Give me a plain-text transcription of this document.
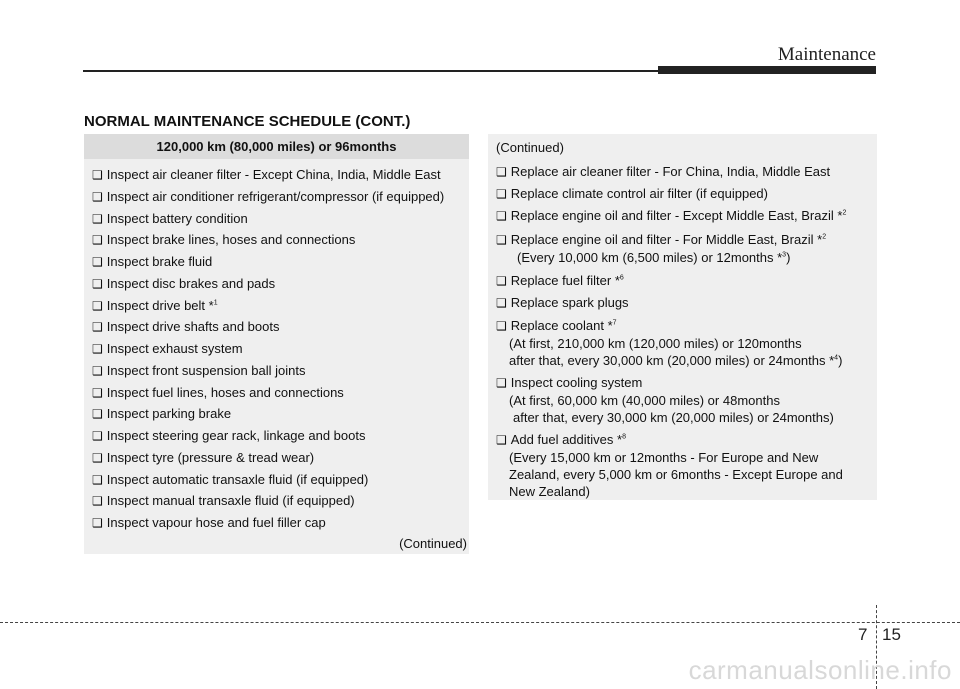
Maintenance
NORMAL MAINTENANCE SCHEDULE (CONT.)
120,000 km (80,000 miles) or 96months
❑ Inspect air cleaner filter - Except China, India, Middle East
❑ Inspect air conditioner refrigerant/compressor (if equipped)
❑ Inspect battery condition
❑ Inspect brake lines, hoses and connections
❑ Inspect brake fluid
❑ Inspect disc brakes and pads
❑ Inspect drive belt *$^1$
❑ Inspect drive shafts and boots
❑ Inspect exhaust system
❑ Inspect front suspension ball joints
❑ Inspect fuel lines, hoses and connections
❑ Inspect parking brake
❑ Inspect steering gear rack, linkage and boots
❑ Inspect tyre (pressure & tread wear)
❑ Inspect automatic transaxle fluid (if equipped)
❑ Inspect manual transaxle fluid (if equipped)
❑ Inspect vapour hose and fuel filler cap
(Continued)
(Continued)
❑ Replace air cleaner filter - For China, India, Middle East
❑ Replace climate control air filter (if equipped)
❑ Replace engine oil and filter - Except Middle East, Brazil *$^2$
❑ Replace engine oil and filter - For Middle East, Brazil *$^2$
(Every 10,000 km (6,500 miles) or 12months *$^3$)
❑ Replace fuel filter *$^6$
❑ Replace spark plugs
❑ Replace coolant *$^7$
(At first, 210,000 km (120,000 miles) or 120months
after that, every 30,000 km (20,000 miles) or 24months *$^4$)
❑ Inspect cooling system
(At first, 60,000 km (40,000 miles) or 48months
after that, every 30,000 km (20,000 miles) or 24months)
❑ Add fuel additives *$^8$
(Every 15,000 km or 12months - For Europe and New
Zealand, every 5,000 km or 6months - Except Europe and
New Zealand)
7 15
carmanualsonline.info
